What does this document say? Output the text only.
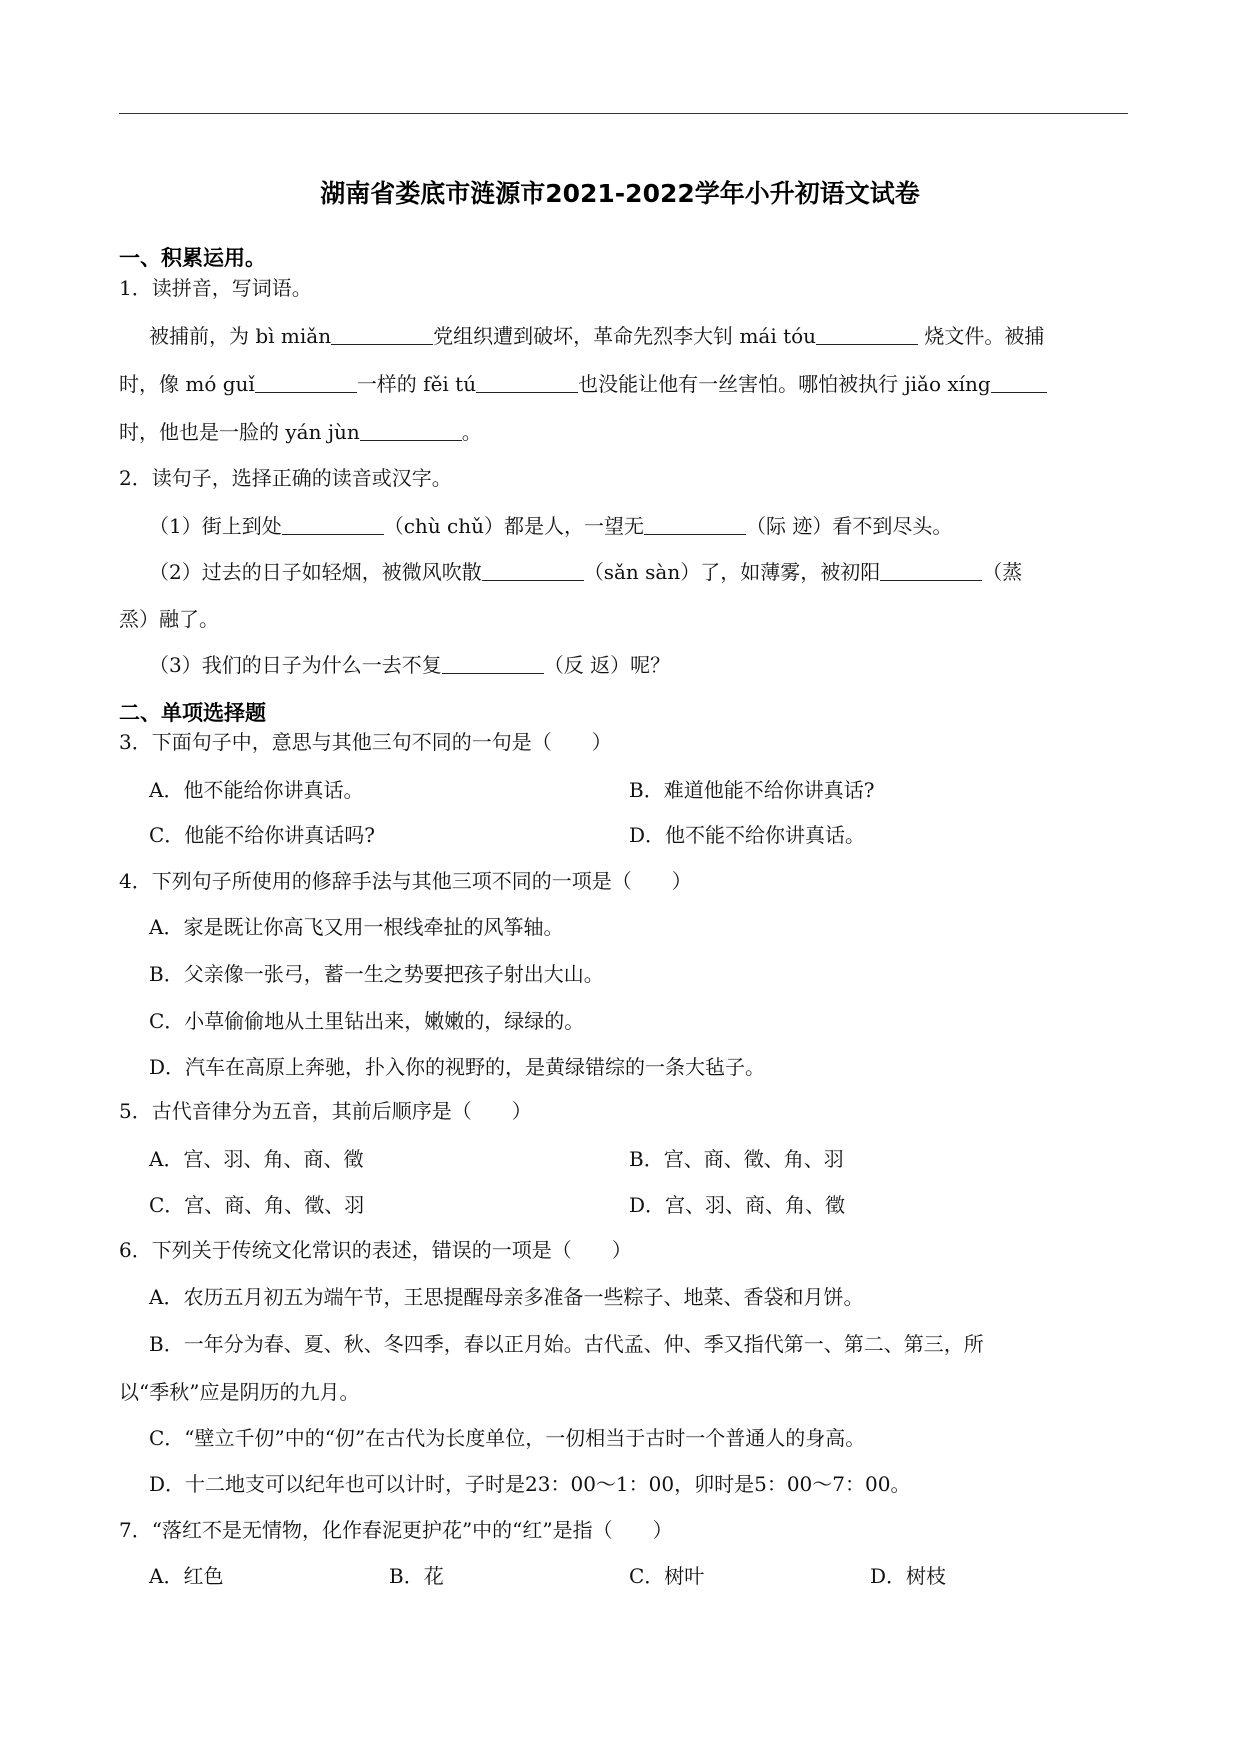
湖南省娄底市涟源市2021-2022学年小升初语文试卷
一、积累运用。
1．读拼音，写词语。
被捕前，为 bì miǎn	党组织遭到破坏，革命先烈李大钊 mái tóu	烧文件。被捕
时，像 mó guǐ	一样的 fěi tú	也没能让他有一丝害怕。哪怕被执行 jiǎo xíng
时，他也是一脸的 yán jùn	。
2．读句子，选择正确的读音或汉字。
（1）街上到处	（chù chǔ）都是人，一望无	（际 迹）看不到尽头。
（2）过去的日子如轻烟，被微风吹散	（sǎn sàn）了，如薄雾，被初阳	（蒸
烝）融了。
（3）我们的日子为什么一去不复	（反 返）呢？
二、单项选择题
3．下面句子中，意思与其他三句不同的一句是（　　）
A．他不能给你讲真话。	B．难道他能不给你讲真话?
C．他能不给你讲真话吗?	D．他不能不给你讲真话。
4．下列句子所使用的修辞手法与其他三项不同的一项是（　　）
A．家是既让你高飞又用一根线牵扯的风筝轴。
B．父亲像一张弓，蓄一生之势要把孩子射出大山。
C．小草偷偷地从土里钻出来，嫩嫩的，绿绿的。
D．汽车在高原上奔驰，扑入你的视野的，是黄绿错综的一条大毡子。
5．古代音律分为五音，其前后顺序是（　　）
A．宫、羽、角、商、徵	B．宫、商、徵、角、羽
C．宫、商、角、徵、羽	D．宫、羽、商、角、徵
6．下列关于传统文化常识的表述，错误的一项是（　　）
A．农历五月初五为端午节，王思提醒母亲多准备一些粽子、地菜、香袋和月饼。
B．一年分为春、夏、秋、冬四季，春以正月始。古代孟、仲、季又指代第一、第二、第三，所
以“季秋”应是阴历的九月。
C．“壁立千仞”中的“仞”在古代为长度单位，一仞相当于古时一个普通人的身高。
D．十二地支可以纪年也可以计时，子时是23：00～1：00，卯时是5：00～7：00。
7．“落红不是无情物，化作春泥更护花”中的“红”是指（　　）
A．红色	B．花	C．树叶	D．树枝
